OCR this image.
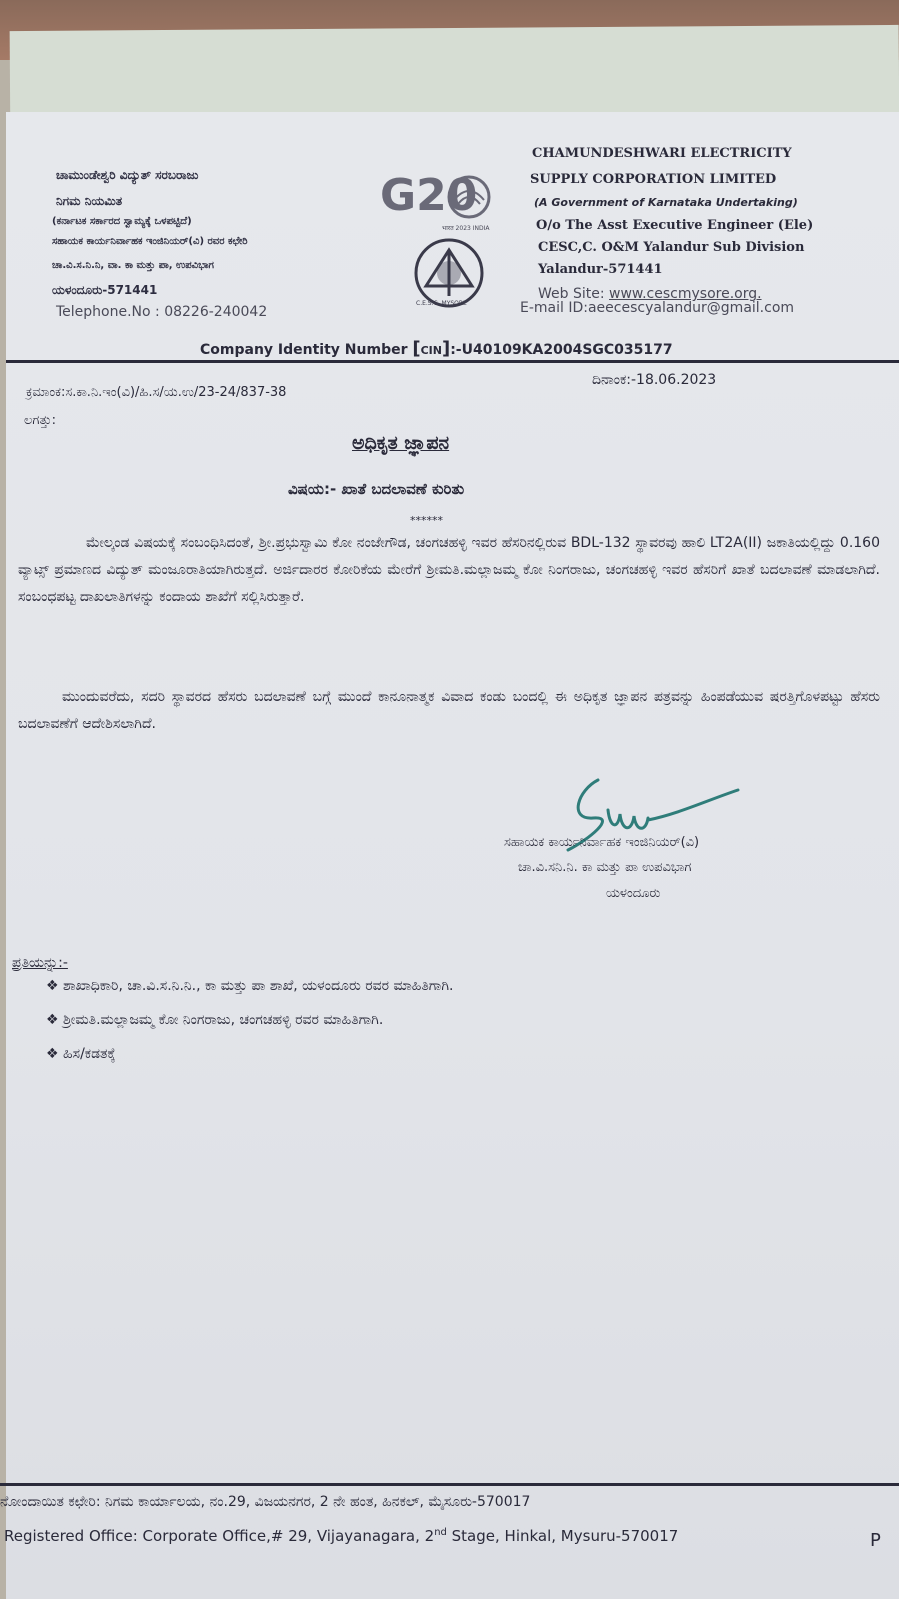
ಚಾಮುಂಡೇಶ್ವರಿ ವಿದ್ಯುತ್ ಸರಬರಾಜು
ನಿಗಮ ನಿಯಮಿತ
(ಕರ್ನಾಟಕ ಸರ್ಕಾರದ ಸ್ವಾಮ್ಯಕ್ಕೆ ಒಳಪಟ್ಟಿದೆ)
ಸಹಾಯಕ ಕಾರ್ಯನಿರ್ವಾಹಕ ಇಂಜಿನಿಯರ್(ವಿ) ರವರ ಕಛೇರಿ
ಚಾ.ವಿ.ಸ.ನಿ.ನಿ, ವಾ. ಕಾ ಮತ್ತು ಪಾ, ಉಪವಿಭಾಗ
ಯಳಂದೂರು-571441
Telephone.No : 08226-240042
G20
भारत 2023 INDIA
C.E.S.C. MYSORE
CHAMUNDESHWARI ELECTRICITY
SUPPLY CORPORATION LIMITED
(A Government of Karnataka Undertaking)
O/o The Asst Executive Engineer (Ele)
CESC,C. O&M Yalandur Sub Division
Yalandur-571441
Web Site: www.cescmysore.org.
E-mail ID:aeecescyalandur@gmail.com
Company Identity Number [CIN]:-U40109KA2004SGC035177
ಕ್ರಮಾಂಕ:ಸ.ಕಾ.ನಿ.ಇಂ(ವಿ)/ಹಿ.ಸ/ಯ.ಉ/23-24/837-38
ದಿನಾಂಕ:-18.06.2023
ಲಗತ್ತು:
ಅಧಿಕೃತ ಜ್ಞಾಪನ
ವಿಷಯ:- ಖಾತೆ ಬದಲಾವಣೆ ಕುರಿತು
******
ಮೇಲ್ಕಂಡ ವಿಷಯಕ್ಕೆ ಸಂಬಂಧಿಸಿದಂತೆ, ಶ್ರೀ.ಪ್ರಭುಸ್ವಾಮಿ ಕೋ ನಂಜೇಗೌಡ, ಚಂಗಚಹಳ್ಳಿ ಇವರ ಹೆಸರಿನಲ್ಲಿರುವ BDL-132 ಸ್ಥಾವರವು ಹಾಲಿ LT2A(II) ಜಕಾತಿಯಲ್ಲಿದ್ದು 0.160 ವ್ಯಾಟ್ಸ್ ಪ್ರಮಾಣದ ವಿದ್ಯುತ್ ಮಂಜೂರಾತಿಯಾಗಿರುತ್ತದೆ. ಅರ್ಜಿದಾರರ ಕೋರಿಕೆಯ ಮೇರೆಗೆ ಶ್ರೀಮತಿ.ಮಲ್ಲಾಜಮ್ಮ ಕೋ ನಿಂಗರಾಜು, ಚಂಗಚಹಳ್ಳಿ ಇವರ ಹೆಸರಿಗೆ ಖಾತೆ ಬದಲಾವಣೆ ಮಾಡಲಾಗಿದೆ. ಸಂಬಂಧಪಟ್ಟ ದಾಖಲಾತಿಗಳನ್ನು ಕಂದಾಯ ಶಾಖೆಗೆ ಸಲ್ಲಿಸಿರುತ್ತಾರೆ.
ಮುಂದುವರೆದು, ಸದರಿ ಸ್ಥಾವರದ ಹೆಸರು ಬದಲಾವಣೆ ಬಗ್ಗೆ ಮುಂದೆ ಕಾನೂನಾತ್ಮಕ ವಿವಾದ ಕಂಡು ಬಂದಲ್ಲಿ ಈ ಅಧಿಕೃತ ಜ್ಞಾಪನ ಪತ್ರವನ್ನು ಹಿಂಪಡೆಯುವ ಷರತ್ತಿಗೊಳಪಟ್ಟು ಹೆಸರು ಬದಲಾವಣೆಗೆ ಆದೇಶಿಸಲಾಗಿದೆ.
ಸಹಾಯಕ ಕಾರ್ಯನಿರ್ವಾಹಕ ಇಂಜಿನಿಯರ್(ವಿ)
ಚಾ.ವಿ.ಸನಿ.ನಿ. ಕಾ ಮತ್ತು ಪಾ ಉಪವಿಭಾಗ
ಯಳಂದೂರು
ಪ್ರತಿಯನ್ನು:-
❖ ಶಾಖಾಧಿಕಾರಿ, ಚಾ.ವಿ.ಸ.ನಿ.ನಿ., ಕಾ ಮತ್ತು ಪಾ ಶಾಖೆ, ಯಳಂದೂರು ರವರ ಮಾಹಿತಿಗಾಗಿ.
❖ ಶ್ರೀಮತಿ.ಮಲ್ಲಾಜಮ್ಮ ಕೋ ನಿಂಗರಾಜು, ಚಂಗಚಹಳ್ಳಿ ರವರ ಮಾಹಿತಿಗಾಗಿ.
❖ ಹಿಸ/ಕಡತಕ್ಕೆ
ನೋಂದಾಯಿತ ಕಛೇರಿ: ನಿಗಮ ಕಾರ್ಯಾಲಯ, ನಂ.29, ವಿಜಯನಗರ, 2 ನೇ ಹಂತ, ಹಿನಕಲ್, ಮೈಸೂರು-570017
Registered Office: Corporate Office,# 29, Vijayanagara, 2nd Stage, Hinkal, Mysuru-570017	P
